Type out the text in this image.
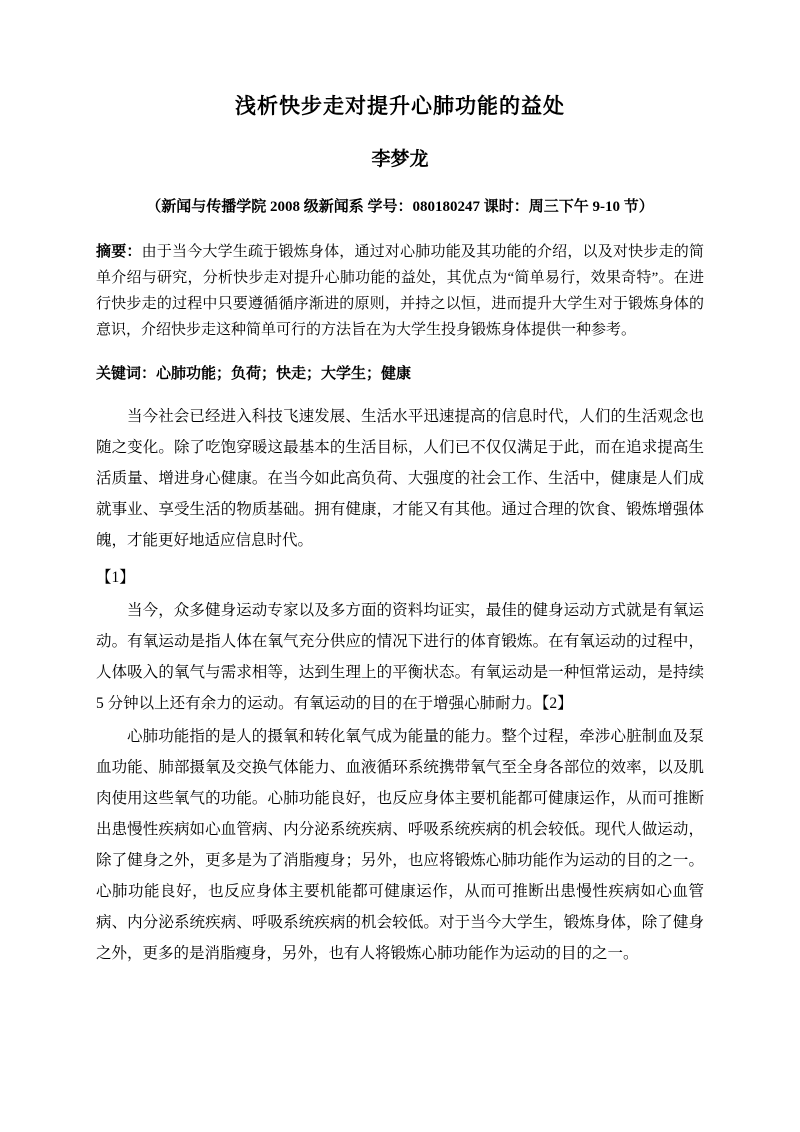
浅析快步走对提升心肺功能的益处
李梦龙
（新闻与传播学院 2008 级新闻系 学号：080180247 课时：周三下午 9-10 节）
摘要：由于当今大学生疏于锻炼身体，通过对心肺功能及其功能的介绍，以及对快步走的简单介绍与研究，分析快步走对提升心肺功能的益处，其优点为“简单易行，效果奇特”。在进行快步走的过程中只要遵循循序渐进的原则，并持之以恒，进而提升大学生对于锻炼身体的意识，介绍快步走这种简单可行的方法旨在为大学生投身锻炼身体提供一种参考。
关键词：心肺功能；负荷；快走；大学生；健康

当今社会已经进入科技飞速发展、生活水平迅速提高的信息时代，人们的生活观念也随之变化。除了吃饱穿暖这最基本的生活目标，人们已不仅仅满足于此，而在追求提高生活质量、增进身心健康。在当今如此高负荷、大强度的社会工作、生活中，健康是人们成就事业、享受生活的物质基础。拥有健康，才能又有其他。通过合理的饮食、锻炼增强体魄，才能更好地适应信息时代。

【1】

当今，众多健身运动专家以及多方面的资料均证实，最佳的健身运动方式就是有氧运动。有氧运动是指人体在氧气充分供应的情况下进行的体育锻炼。在有氧运动的过程中，人体吸入的氧气与需求相等，达到生理上的平衡状态。有氧运动是一种恒常运动，是持续 5 分钟以上还有余力的运动。有氧运动的目的在于增强心肺耐力。【2】

心肺功能指的是人的摄氧和转化氧气成为能量的能力。整个过程，牵涉心脏制血及泵血功能、肺部摄氧及交换气体能力、血液循环系统携带氧气至全身各部位的效率，以及肌肉使用这些氧气的功能。心肺功能良好，也反应身体主要机能都可健康运作，从而可推断出患慢性疾病如心血管病、内分泌系统疾病、呼吸系统疾病的机会较低。现代人做运动，除了健身之外，更多是为了消脂瘦身；另外，也应将锻炼心肺功能作为运动的目的之一。心肺功能良好，也反应身体主要机能都可健康运作，从而可推断出患慢性疾病如心血管病、内分泌系统疾病、呼吸系统疾病的机会较低。对于当今大学生，锻炼身体，除了健身之外，更多的是消脂瘦身，另外，也有人将锻炼心肺功能作为运动的目的之一。
